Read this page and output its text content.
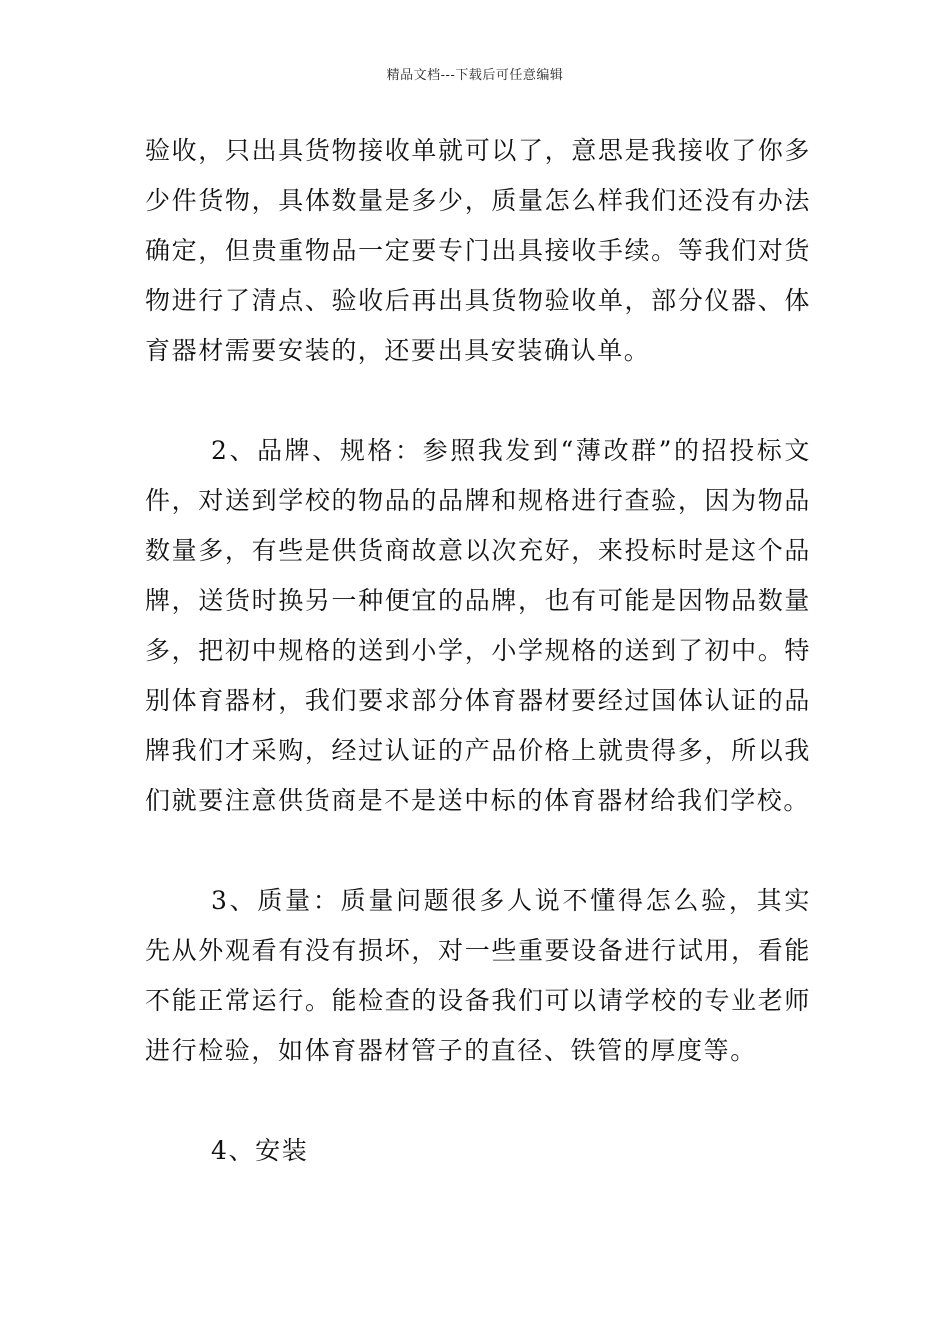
精品文档---下载后可任意编辑

验收，只出具货物接收单就可以了，意思是我接收了你多少件货物，具体数量是多少，质量怎么样我们还没有办法确定，但贵重物品一定要专门出具接收手续。等我们对货物进行了清点、验收后再出具货物验收单，部分仪器、体育器材需要安装的，还要出具安装确认单。

2、品牌、规格：参照我发到“薄改群”的招投标文件，对送到学校的物品的品牌和规格进行查验，因为物品数量多，有些是供货商故意以次充好，来投标时是这个品牌，送货时换另一种便宜的品牌，也有可能是因物品数量多，把初中规格的送到小学，小学规格的送到了初中。特别体育器材，我们要求部分体育器材要经过国体认证的品牌我们才采购，经过认证的产品价格上就贵得多，所以我们就要注意供货商是不是送中标的体育器材给我们学校。

3、质量：质量问题很多人说不懂得怎么验，其实先从外观看有没有损坏，对一些重要设备进行试用，看能不能正常运行。能检查的设备我们可以请学校的专业老师进行检验，如体育器材管子的直径、铁管的厚度等。

4、安装
